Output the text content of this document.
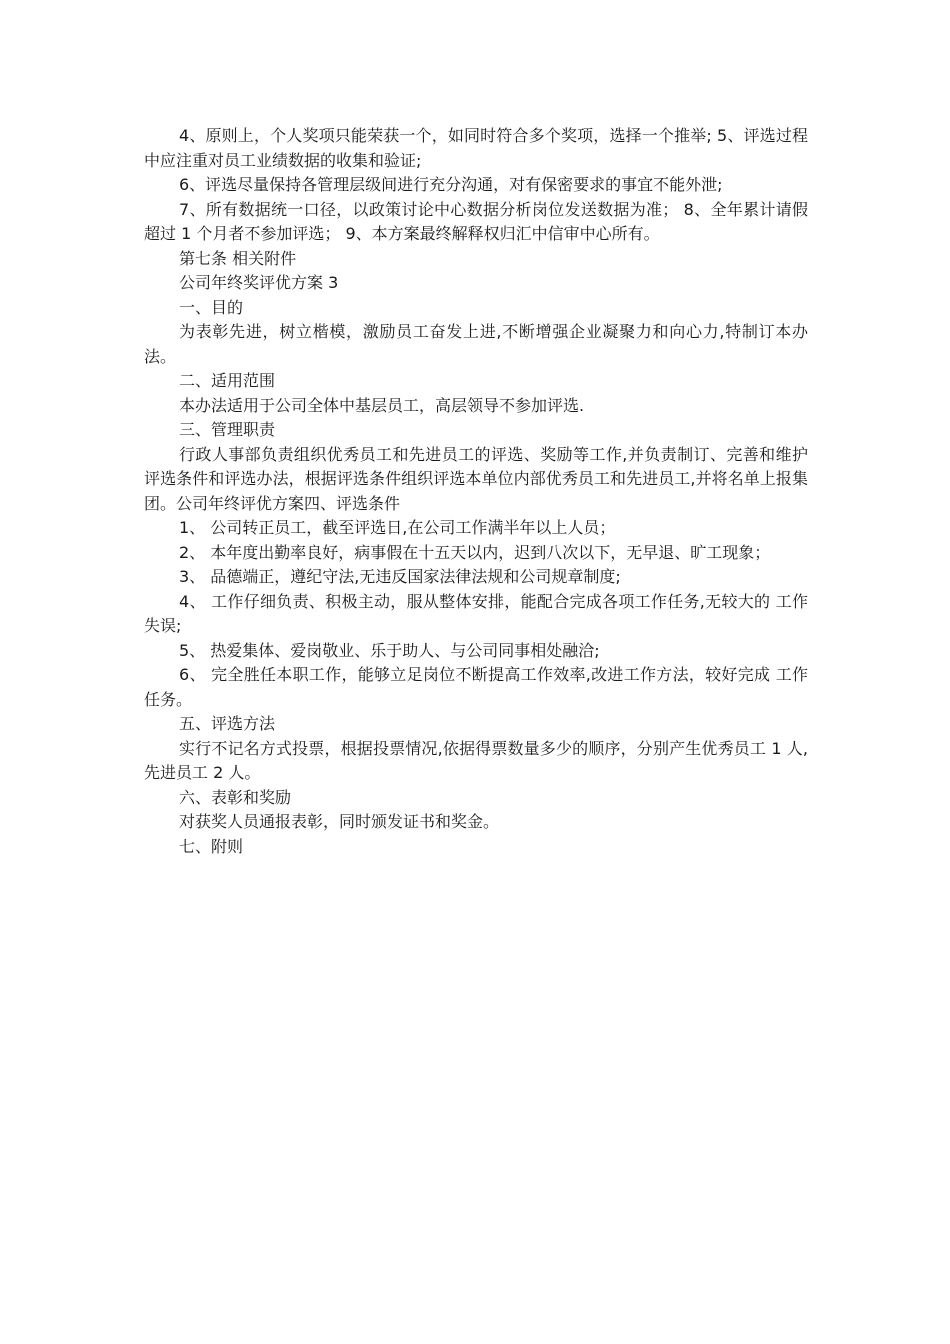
4、原则上，个人奖项只能荣获一个，如同时符合多个奖项，选择一个推举; 5、评选过程中应注重对员工业绩数据的收集和验证;

6、评选尽量保持各管理层级间进行充分沟通，对有保密要求的事宜不能外泄;

7、所有数据统一口径，以政策讨论中心数据分析岗位发送数据为准； 8、全年累计请假超过 1 个月者不参加评选； 9、本方案最终解释权归汇中信审中心所有。

第七条 相关附件

公司年终奖评优方案 3

一、目的

为表彰先进，树立楷模，激励员工奋发上进,不断增强企业凝聚力和向心力,特制订本办法。

二、适用范围

本办法适用于公司全体中基层员工，高层领导不参加评选.

三、管理职责

行政人事部负责组织优秀员工和先进员工的评选、奖励等工作,并负责制订、完善和维护评选条件和评选办法，根据评选条件组织评选本单位内部优秀员工和先进员工,并将名单上报集团。公司年终评优方案四、评选条件

1、 公司转正员工，截至评选日,在公司工作满半年以上人员；

2、 本年度出勤率良好，病事假在十五天以内，迟到八次以下，无早退、旷工现象；

3、 品德端正，遵纪守法,无违反国家法律法规和公司规章制度;

4、 工作仔细负责、积极主动，服从整体安排，能配合完成各项工作任务,无较大的 工作失误;

5、 热爱集体、爱岗敬业、乐于助人、与公司同事相处融洽;

6、 完全胜任本职工作，能够立足岗位不断提高工作效率,改进工作方法，较好完成 工作任务。

五、评选方法

实行不记名方式投票，根据投票情况,依据得票数量多少的顺序，分别产生优秀员工 1 人,先进员工 2 人。

六、表彰和奖励

对获奖人员通报表彰，同时颁发证书和奖金。

七、附则
